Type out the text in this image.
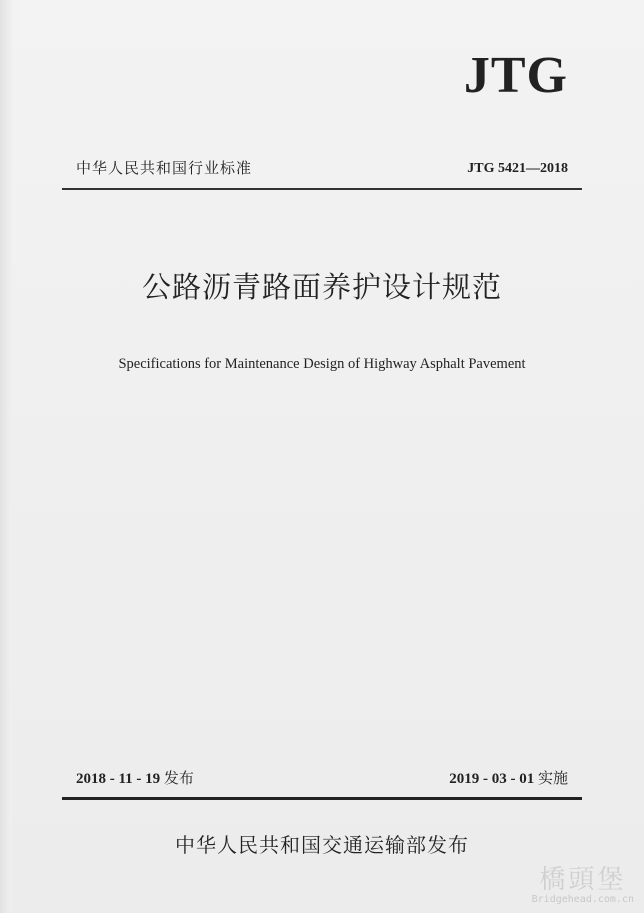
JTG
中华人民共和国行业标准	JTG 5421—2018
公路沥青路面养护设计规范
Specifications for Maintenance Design of Highway Asphalt Pavement
2018 - 11 - 19 发布	2019 - 03 - 01 实施
中华人民共和国交通运输部发布
橋頭堡
Bridgehead.com.cn
